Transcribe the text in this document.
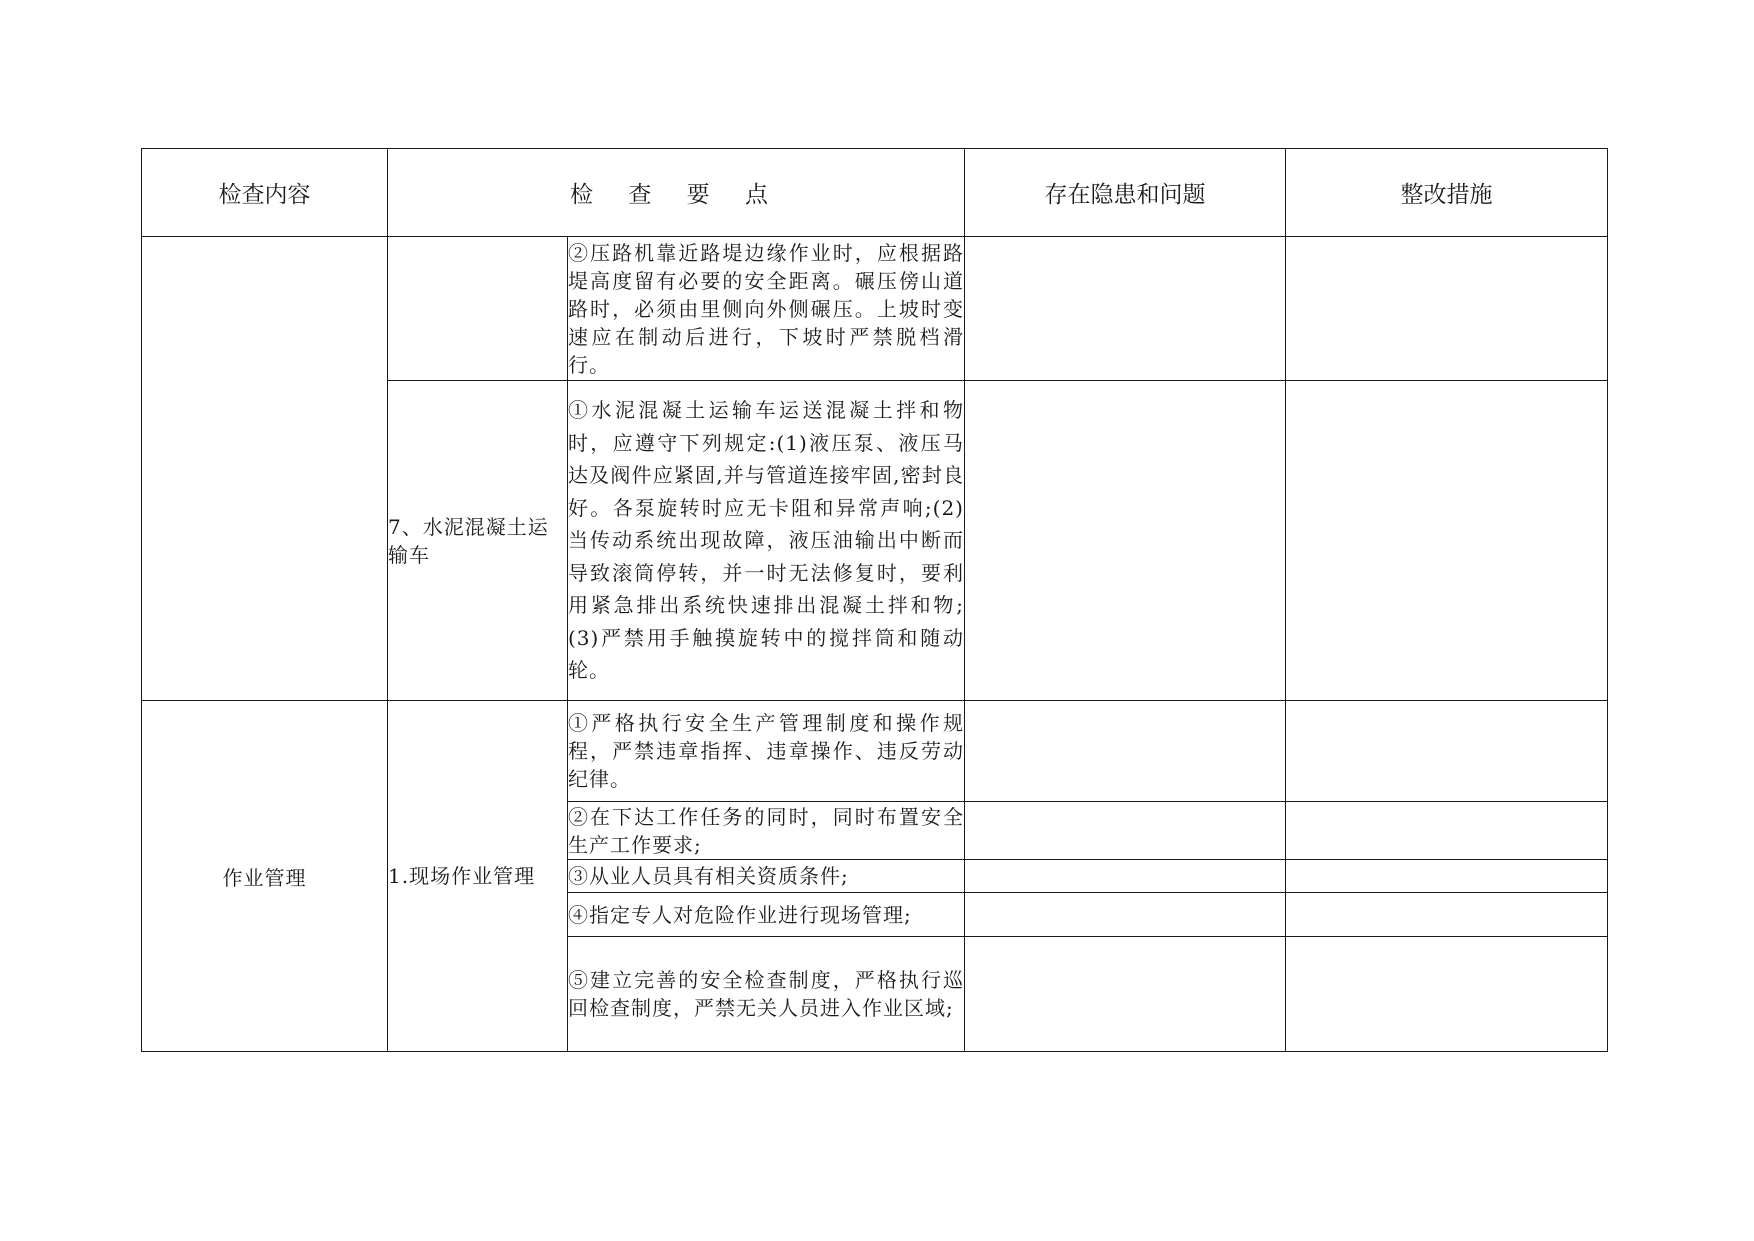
检查内容	检 查 要 点		存在隐患和问题	整改措施
		②压路机靠近路堤边缘作业时，应根据路堤高度留有必要的安全距离。碾压傍山道路时，必须由里侧向外侧碾压。上坡时变速应在制动后进行，下坡时严禁脱档滑行。		
	7、水泥混凝土运输车	①水泥混凝土运输车运送混凝土拌和物时，应遵守下列规定:(1)液压泵、液压马达及阀件应紧固,并与管道连接牢固,密封良好。各泵旋转时应无卡阻和异常声响;(2)当传动系统出现故障，液压油输出中断而导致滚筒停转，并一时无法修复时，要利用紧急排出系统快速排出混凝土拌和物;(3)严禁用手触摸旋转中的搅拌筒和随动轮。		
作业管理	1.现场作业管理	①严格执行安全生产管理制度和操作规程，严禁违章指挥、违章操作、违反劳动纪律。		
		②在下达工作任务的同时，同时布置安全生产工作要求;		
		③从业人员具有相关资质条件;		
		④指定专人对危险作业进行现场管理;		
		⑤建立完善的安全检查制度，严格执行巡回检查制度，严禁无关人员进入作业区域;		
